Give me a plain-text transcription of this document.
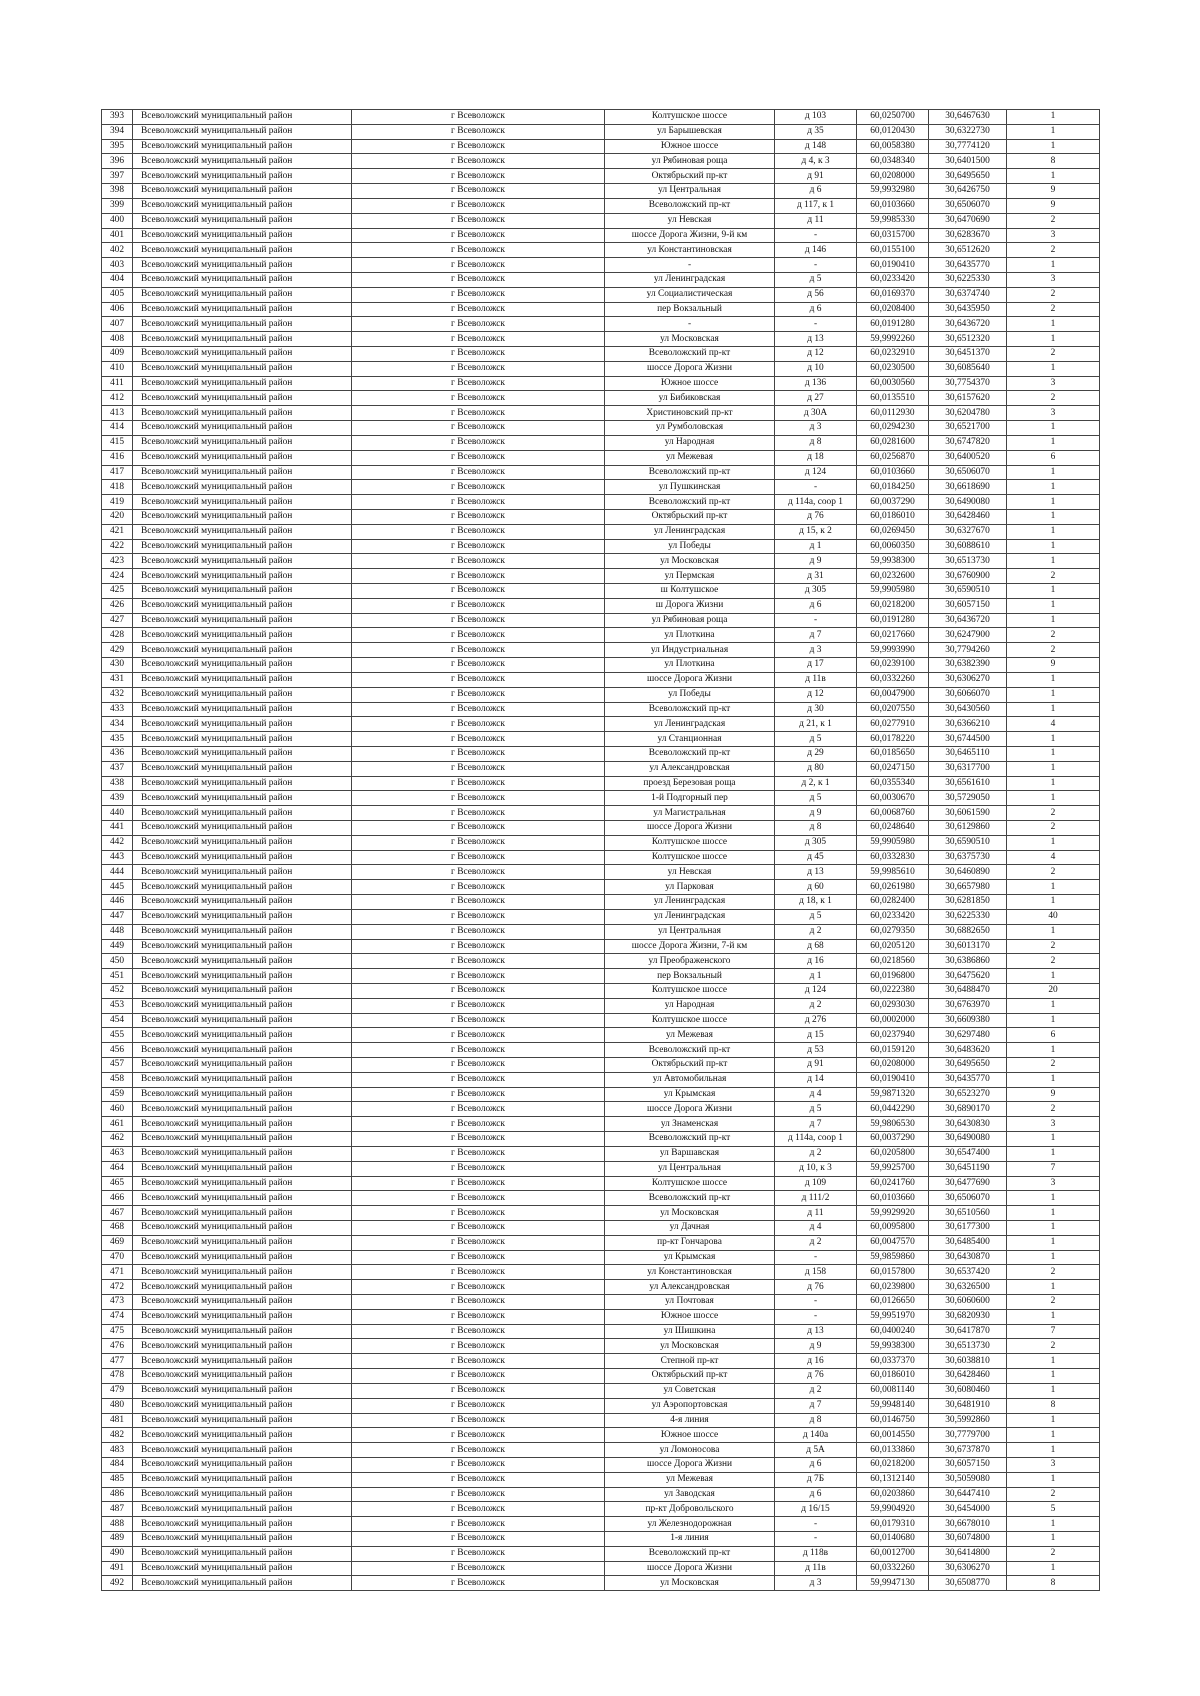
393	Всеволожский муниципальный район	г Всеволожск	Колтушское шоссе	д 103	60,0250700	30,6467630	1
394	Всеволожский муниципальный район	г Всеволожск	ул Барышевская	д 35	60,0120430	30,6322730	1
395	Всеволожский муниципальный район	г Всеволожск	Южное шоссе	д 148	60,0058380	30,7774120	1
396	Всеволожский муниципальный район	г Всеволожск	ул Рябиновая роща	д 4, к 3	60,0348340	30,6401500	8
397	Всеволожский муниципальный район	г Всеволожск	Октябрьский пр-кт	д 91	60,0208000	30,6495650	1
398	Всеволожский муниципальный район	г Всеволожск	ул Центральная	д 6	59,9932980	30,6426750	9
399	Всеволожский муниципальный район	г Всеволожск	Всеволожский пр-кт	д 117, к 1	60,0103660	30,6506070	9
400	Всеволожский муниципальный район	г Всеволожск	ул Невская	д 11	59,9985330	30,6470690	2
401	Всеволожский муниципальный район	г Всеволожск	шоссе Дорога Жизни, 9-й км	-	60,0315700	30,6283670	3
402	Всеволожский муниципальный район	г Всеволожск	ул Константиновская	д 146	60,0155100	30,6512620	2
403	Всеволожский муниципальный район	г Всеволожск	-	-	60,0190410	30,6435770	1
404	Всеволожский муниципальный район	г Всеволожск	ул Ленинградская	д 5	60,0233420	30,6225330	3
405	Всеволожский муниципальный район	г Всеволожск	ул Социалистическая	д 56	60,0169370	30,6374740	2
406	Всеволожский муниципальный район	г Всеволожск	пер Вокзальный	д 6	60,0208400	30,6435950	2
407	Всеволожский муниципальный район	г Всеволожск	-	-	60,0191280	30,6436720	1
408	Всеволожский муниципальный район	г Всеволожск	ул Московская	д 13	59,9992260	30,6512320	1
409	Всеволожский муниципальный район	г Всеволожск	Всеволожский пр-кт	д 12	60,0232910	30,6451370	2
410	Всеволожский муниципальный район	г Всеволожск	шоссе Дорога Жизни	д 10	60,0230500	30,6085640	1
411	Всеволожский муниципальный район	г Всеволожск	Южное шоссе	д 136	60,0030560	30,7754370	3
412	Всеволожский муниципальный район	г Всеволожск	ул Бибиковская	д 27	60,0135510	30,6157620	2
413	Всеволожский муниципальный район	г Всеволожск	Христиновский пр-кт	д 30А	60,0112930	30,6204780	3
414	Всеволожский муниципальный район	г Всеволожск	ул Румболовская	д 3	60,0294230	30,6521700	1
415	Всеволожский муниципальный район	г Всеволожск	ул Народная	д 8	60,0281600	30,6747820	1
416	Всеволожский муниципальный район	г Всеволожск	ул Межевая	д 18	60,0256870	30,6400520	6
417	Всеволожский муниципальный район	г Всеволожск	Всеволожский пр-кт	д 124	60,0103660	30,6506070	1
418	Всеволожский муниципальный район	г Всеволожск	ул Пушкинская	-	60,0184250	30,6618690	1
419	Всеволожский муниципальный район	г Всеволожск	Всеволожский пр-кт	д 114а, соор 1	60,0037290	30,6490080	1
420	Всеволожский муниципальный район	г Всеволожск	Октябрьский пр-кт	д 76	60,0186010	30,6428460	1
421	Всеволожский муниципальный район	г Всеволожск	ул Ленинградская	д 15, к 2	60,0269450	30,6327670	1
422	Всеволожский муниципальный район	г Всеволожск	ул Победы	д 1	60,0060350	30,6088610	1
423	Всеволожский муниципальный район	г Всеволожск	ул Московская	д 9	59,9938300	30,6513730	1
424	Всеволожский муниципальный район	г Всеволожск	ул Пермская	д 31	60,0232600	30,6760900	2
425	Всеволожский муниципальный район	г Всеволожск	ш Колтушское	д 305	59,9905980	30,6590510	1
426	Всеволожский муниципальный район	г Всеволожск	ш Дорога Жизни	д 6	60,0218200	30,6057150	1
427	Всеволожский муниципальный район	г Всеволожск	ул Рябиновая роща	-	60,0191280	30,6436720	1
428	Всеволожский муниципальный район	г Всеволожск	ул Плоткина	д 7	60,0217660	30,6247900	2
429	Всеволожский муниципальный район	г Всеволожск	ул Индустриальная	д 3	59,9993990	30,7794260	2
430	Всеволожский муниципальный район	г Всеволожск	ул Плоткина	д 17	60,0239100	30,6382390	9
431	Всеволожский муниципальный район	г Всеволожск	шоссе Дорога Жизни	д 11в	60,0332260	30,6306270	1
432	Всеволожский муниципальный район	г Всеволожск	ул Победы	д 12	60,0047900	30,6066070	1
433	Всеволожский муниципальный район	г Всеволожск	Всеволожский пр-кт	д 30	60,0207550	30,6430560	1
434	Всеволожский муниципальный район	г Всеволожск	ул Ленинградская	д 21, к 1	60,0277910	30,6366210	4
435	Всеволожский муниципальный район	г Всеволожск	ул Станционная	д 5	60,0178220	30,6744500	1
436	Всеволожский муниципальный район	г Всеволожск	Всеволожский пр-кт	д 29	60,0185650	30,6465110	1
437	Всеволожский муниципальный район	г Всеволожск	ул Александровская	д 80	60,0247150	30,6317700	1
438	Всеволожский муниципальный район	г Всеволожск	проезд Березовая роща	д 2, к 1	60,0355340	30,6561610	1
439	Всеволожский муниципальный район	г Всеволожск	1-й Подгорный пер	д 5	60,0030670	30,5729050	1
440	Всеволожский муниципальный район	г Всеволожск	ул Магистральная	д 9	60,0068760	30,6061590	2
441	Всеволожский муниципальный район	г Всеволожск	шоссе Дорога Жизни	д 8	60,0248640	30,6129860	2
442	Всеволожский муниципальный район	г Всеволожск	Колтушское шоссе	д 305	59,9905980	30,6590510	1
443	Всеволожский муниципальный район	г Всеволожск	Колтушское шоссе	д 45	60,0332830	30,6375730	4
444	Всеволожский муниципальный район	г Всеволожск	ул Невская	д 13	59,9985610	30,6460890	2
445	Всеволожский муниципальный район	г Всеволожск	ул Парковая	д 60	60,0261980	30,6657980	1
446	Всеволожский муниципальный район	г Всеволожск	ул Ленинградская	д 18, к 1	60,0282400	30,6281850	1
447	Всеволожский муниципальный район	г Всеволожск	ул Ленинградская	д 5	60,0233420	30,6225330	40
448	Всеволожский муниципальный район	г Всеволожск	ул Центральная	д 2	60,0279350	30,6882650	1
449	Всеволожский муниципальный район	г Всеволожск	шоссе Дорога Жизни, 7-й км	д 68	60,0205120	30,6013170	2
450	Всеволожский муниципальный район	г Всеволожск	ул Преображенского	д 16	60,0218560	30,6386860	2
451	Всеволожский муниципальный район	г Всеволожск	пер Вокзальный	д 1	60,0196800	30,6475620	1
452	Всеволожский муниципальный район	г Всеволожск	Колтушское шоссе	д 124	60,0222380	30,6488470	20
453	Всеволожский муниципальный район	г Всеволожск	ул Народная	д 2	60,0293030	30,6763970	1
454	Всеволожский муниципальный район	г Всеволожск	Колтушское шоссе	д 276	60,0002000	30,6609380	1
455	Всеволожский муниципальный район	г Всеволожск	ул Межевая	д 15	60,0237940	30,6297480	6
456	Всеволожский муниципальный район	г Всеволожск	Всеволожский пр-кт	д 53	60,0159120	30,6483620	1
457	Всеволожский муниципальный район	г Всеволожск	Октябрьский пр-кт	д 91	60,0208000	30,6495650	2
458	Всеволожский муниципальный район	г Всеволожск	ул Автомобильная	д 14	60,0190410	30,6435770	1
459	Всеволожский муниципальный район	г Всеволожск	ул Крымская	д 4	59,9871320	30,6523270	9
460	Всеволожский муниципальный район	г Всеволожск	шоссе Дорога Жизни	д 5	60,0442290	30,6890170	2
461	Всеволожский муниципальный район	г Всеволожск	ул Знаменская	д 7	59,9806530	30,6430830	3
462	Всеволожский муниципальный район	г Всеволожск	Всеволожский пр-кт	д 114а, соор 1	60,0037290	30,6490080	1
463	Всеволожский муниципальный район	г Всеволожск	ул Варшавская	д 2	60,0205800	30,6547400	1
464	Всеволожский муниципальный район	г Всеволожск	ул Центральная	д 10, к 3	59,9925700	30,6451190	7
465	Всеволожский муниципальный район	г Всеволожск	Колтушское шоссе	д 109	60,0241760	30,6477690	3
466	Всеволожский муниципальный район	г Всеволожск	Всеволожский пр-кт	д 111/2	60,0103660	30,6506070	1
467	Всеволожский муниципальный район	г Всеволожск	ул Московская	д 11	59,9929920	30,6510560	1
468	Всеволожский муниципальный район	г Всеволожск	ул Дачная	д 4	60,0095800	30,6177300	1
469	Всеволожский муниципальный район	г Всеволожск	пр-кт Гончарова	д 2	60,0047570	30,6485400	1
470	Всеволожский муниципальный район	г Всеволожск	ул Крымская	-	59,9859860	30,6430870	1
471	Всеволожский муниципальный район	г Всеволожск	ул Константиновская	д 158	60,0157800	30,6537420	2
472	Всеволожский муниципальный район	г Всеволожск	ул Александровская	д 76	60,0239800	30,6326500	1
473	Всеволожский муниципальный район	г Всеволожск	ул Почтовая	-	60,0126650	30,6060600	2
474	Всеволожский муниципальный район	г Всеволожск	Южное шоссе	-	59,9951970	30,6820930	1
475	Всеволожский муниципальный район	г Всеволожск	ул Шишкина	д 13	60,0400240	30,6417870	7
476	Всеволожский муниципальный район	г Всеволожск	ул Московская	д 9	59,9938300	30,6513730	2
477	Всеволожский муниципальный район	г Всеволожск	Степной пр-кт	д 16	60,0337370	30,6038810	1
478	Всеволожский муниципальный район	г Всеволожск	Октябрьский пр-кт	д 76	60,0186010	30,6428460	1
479	Всеволожский муниципальный район	г Всеволожск	ул Советская	д 2	60,0081140	30,6080460	1
480	Всеволожский муниципальный район	г Всеволожск	ул Аэропортовская	д 7	59,9948140	30,6481910	8
481	Всеволожский муниципальный район	г Всеволожск	4-я линия	д 8	60,0146750	30,5992860	1
482	Всеволожский муниципальный район	г Всеволожск	Южное шоссе	д 140а	60,0014550	30,7779700	1
483	Всеволожский муниципальный район	г Всеволожск	ул Ломоносова	д 5А	60,0133860	30,6737870	1
484	Всеволожский муниципальный район	г Всеволожск	шоссе Дорога Жизни	д 6	60,0218200	30,6057150	3
485	Всеволожский муниципальный район	г Всеволожск	ул Межевая	д 7Б	60,1312140	30,5059080	1
486	Всеволожский муниципальный район	г Всеволожск	ул Заводская	д 6	60,0203860	30,6447410	2
487	Всеволожский муниципальный район	г Всеволожск	пр-кт Добровольского	д 16/15	59,9904920	30,6454000	5
488	Всеволожский муниципальный район	г Всеволожск	ул Железнодорожная	-	60,0179310	30,6678010	1
489	Всеволожский муниципальный район	г Всеволожск	1-я линия	-	60,0140680	30,6074800	1
490	Всеволожский муниципальный район	г Всеволожск	Всеволожский пр-кт	д 118в	60,0012700	30,6414800	2
491	Всеволожский муниципальный район	г Всеволожск	шоссе Дорога Жизни	д 11в	60,0332260	30,6306270	1
492	Всеволожский муниципальный район	г Всеволожск	ул Московская	д 3	59,9947130	30,6508770	8
